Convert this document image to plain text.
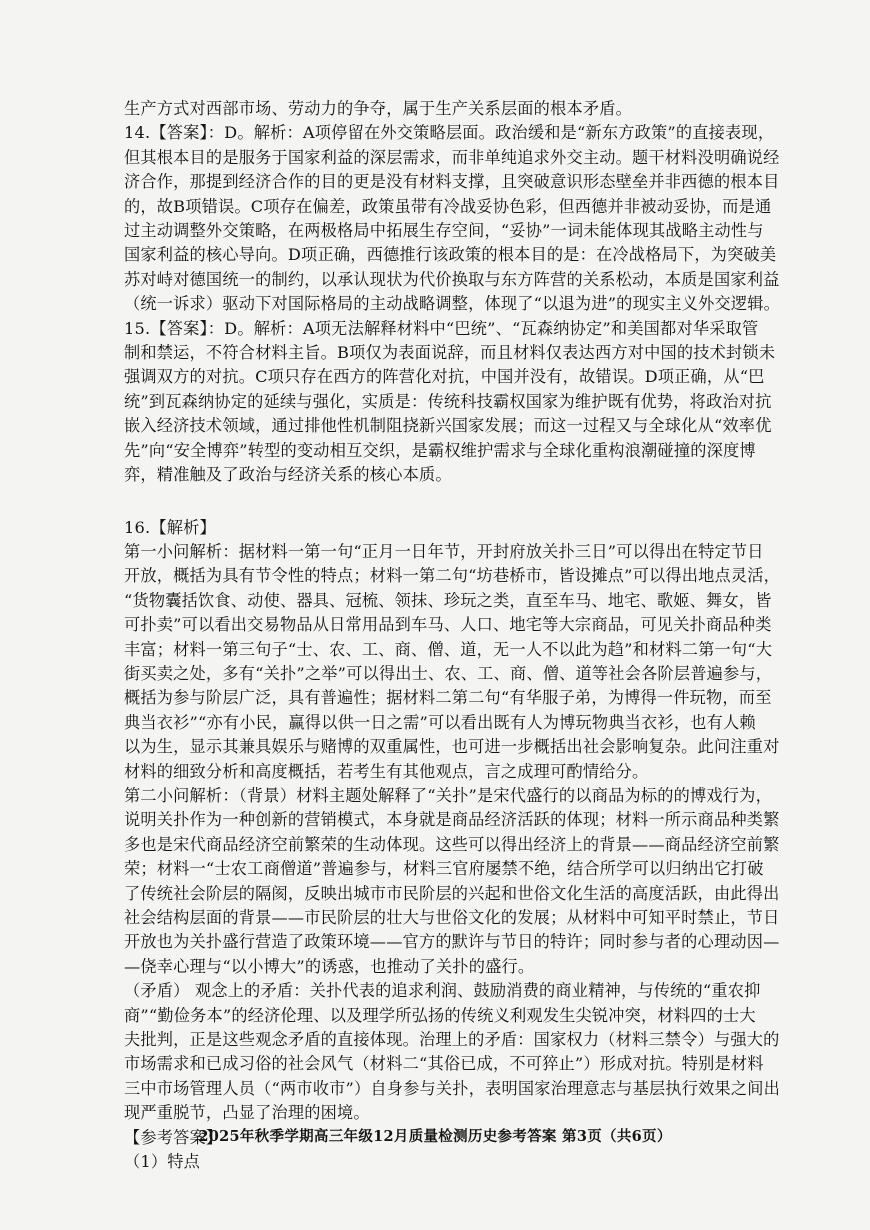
生产方式对西部市场、劳动力的争夺，属于生产关系层面的根本矛盾。
14.【答案】：D。解析：A项停留在外交策略层面。政治缓和是“新东方政策”的直接表现，
但其根本目的是服务于国家利益的深层需求，而非单纯追求外交主动。题干材料没明确说经
济合作，那提到经济合作的目的更是没有材料支撑，且突破意识形态壁垒并非西德的根本目
的，故B项错误。C项存在偏差，政策虽带有冷战妥协色彩，但西德并非被动妥协，而是通
过主动调整外交策略，在两极格局中拓展生存空间，“妥协”一词未能体现其战略主动性与
国家利益的核心导向。D项正确，西德推行该政策的根本目的是：在冷战格局下，为突破美
苏对峙对德国统一的制约，以承认现状为代价换取与东方阵营的关系松动，本质是国家利益
（统一诉求）驱动下对国际格局的主动战略调整，体现了“以退为进”的现实主义外交逻辑。
15.【答案】：D。解析：A项无法解释材料中“巴统”、“瓦森纳协定”和美国都对华采取管
制和禁运，不符合材料主旨。B项仅为表面说辞，而且材料仅表达西方对中国的技术封锁未
强调双方的对抗。C项只存在西方的阵营化对抗，中国并没有，故错误。D项正确，从“巴
统”到瓦森纳协定的延续与强化，实质是：传统科技霸权国家为维护既有优势，将政治对抗
嵌入经济技术领域，通过排他性机制阻挠新兴国家发展；而这一过程又与全球化从“效率优
先”向“安全博弈”转型的变动相互交织，是霸权维护需求与全球化重构浪潮碰撞的深度博
弈，精准触及了政治与经济关系的核心本质。
16.【解析】
第一小问解析：据材料一第一句“正月一日年节，开封府放关扑三日”可以得出在特定节日
开放，概括为具有节令性的特点；材料一第二句“坊巷桥市，皆设摊点”可以得出地点灵活，
“货物囊括饮食、动使、器具、冠梳、领抹、珍玩之类，直至车马、地宅、歌姬、舞女，皆
可扑卖”可以看出交易物品从日常用品到车马、人口、地宅等大宗商品，可见关扑商品种类
丰富；材料一第三句子“士、农、工、商、僧、道，无一人不以此为趋”和材料二第一句“大
街买卖之处，多有“关扑”之举”可以得出士、农、工、商、僧、道等社会各阶层普遍参与，
概括为参与阶层广泛，具有普遍性；据材料二第二句“有华服子弟，为博得一件玩物，而至
典当衣衫”“亦有小民，赢得以供一日之需”可以看出既有人为博玩物典当衣衫，也有人赖
以为生，显示其兼具娱乐与赌博的双重属性，也可进一步概括出社会影响复杂。此问注重对
材料的细致分析和高度概括，若考生有其他观点，言之成理可酌情给分。
第二小问解析：（背景）材料主题处解释了“关扑”是宋代盛行的以商品为标的的博戏行为，
说明关扑作为一种创新的营销模式，本身就是商品经济活跃的体现；材料一所示商品种类繁
多也是宋代商品经济空前繁荣的生动体现。这些可以得出经济上的背景——商品经济空前繁
荣；材料一“士农工商僧道”普遍参与，材料三官府屡禁不绝，结合所学可以归纳出它打破
了传统社会阶层的隔阂，反映出城市市民阶层的兴起和世俗文化生活的高度活跃，由此得出
社会结构层面的背景——市民阶层的壮大与世俗文化的发展；从材料中可知平时禁止，节日
开放也为关扑盛行营造了政策环境——官方的默许与节日的特许；同时参与者的心理动因—
—侥幸心理与“以小博大”的诱惑，也推动了关扑的盛行。
（矛盾） 观念上的矛盾：关扑代表的追求利润、鼓励消费的商业精神，与传统的“重农抑
商”“勤俭务本”的经济伦理、以及理学所弘扬的传统义利观发生尖锐冲突，材料四的士大
夫批判，正是这些观念矛盾的直接体现。治理上的矛盾：国家权力（材料三禁令）与强大的
市场需求和已成习俗的社会风气（材料二“其俗已成，不可猝止”）形成对抗。特别是材料
三中市场管理人员（“两市收市”）自身参与关扑，表明国家治理意志与基层执行效果之间出
现严重脱节，凸显了治理的困境。
【参考答案】
（1）特点
2025年秋季学期高三年级12月质量检测历史参考答案 第3页（共6页）
